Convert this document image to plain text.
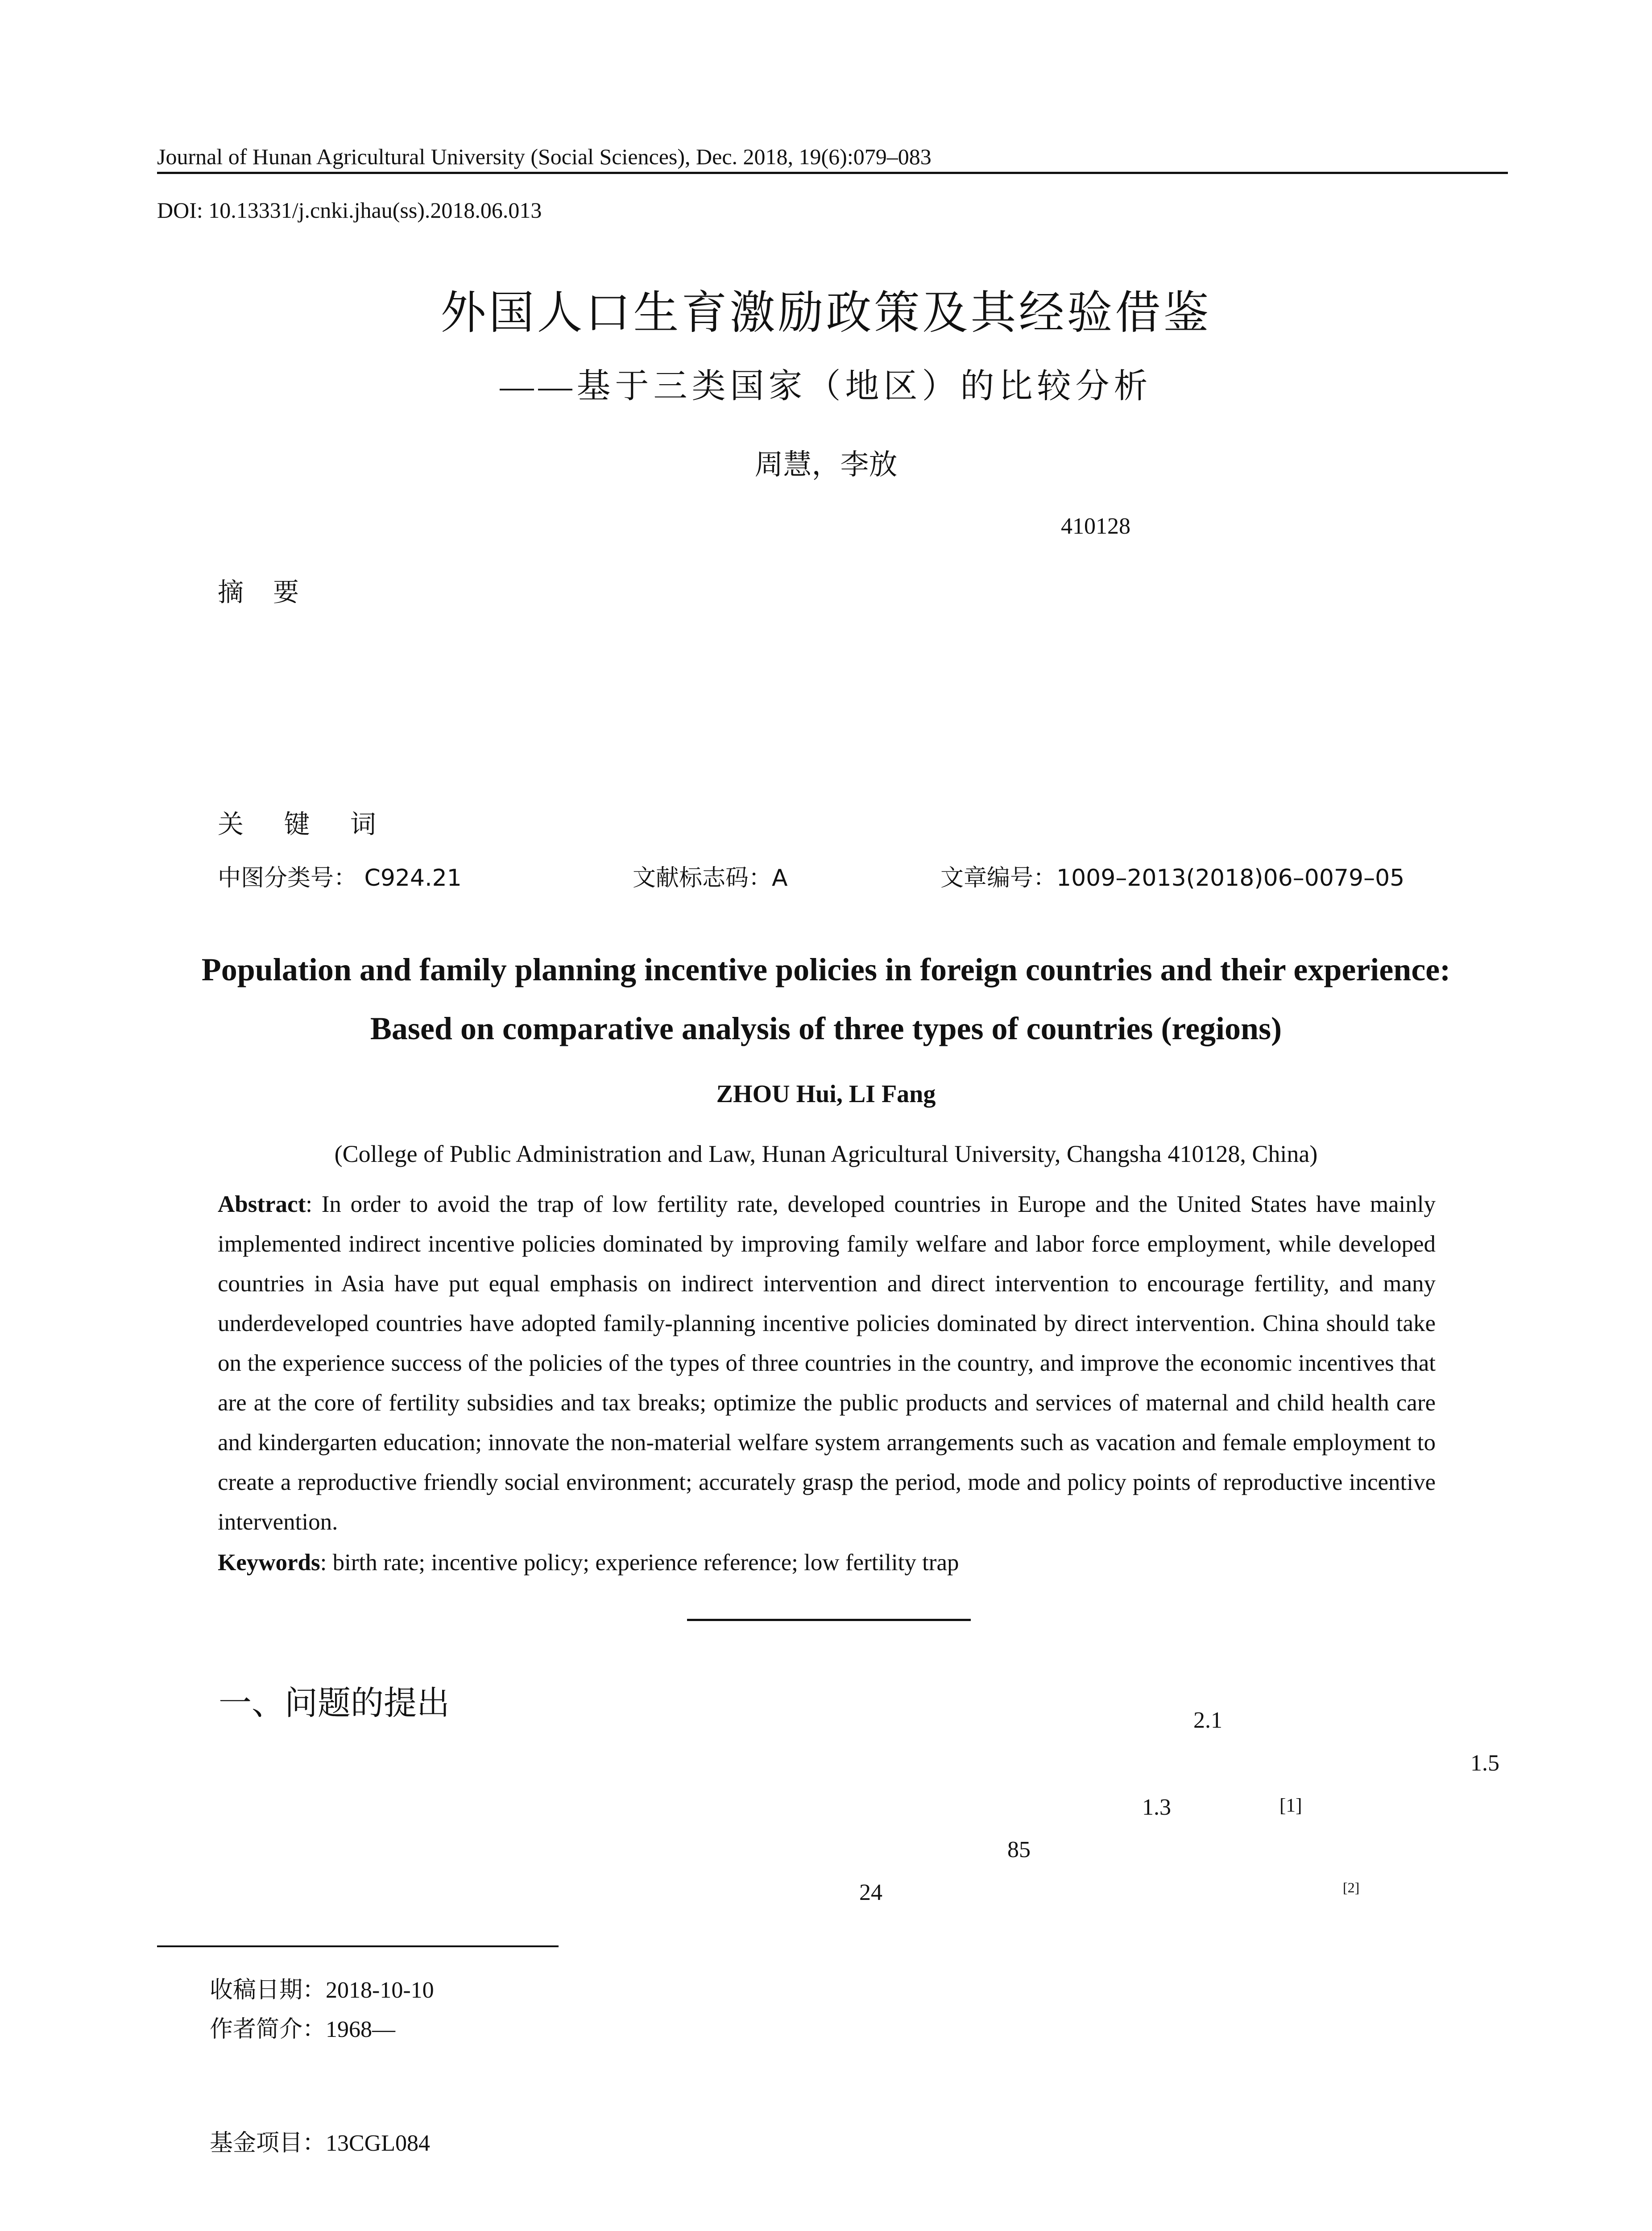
Journal of Hunan Agricultural University (Social Sciences), Dec. 2018, 19(6):079–083
DOI: 10.13331/j.cnki.jhau(ss).2018.06.013
外国人口生育激励政策及其经验借鉴
——基于三类国家（地区）的比较分析
周慧，李放
410128
摘　要
关 键 词
中图分类号： C924.21	文献标志码：A	文章编号：1009–2013(2018)06–0079–05
Population and family planning incentive policies in foreign countries and their experience:
Based on comparative analysis of three types of countries (regions)
ZHOU Hui, LI Fang
(College of Public Administration and Law, Hunan Agricultural University, Changsha 410128, China)
Abstract: In order to avoid the trap of low fertility rate, developed countries in Europe and the United States have mainly implemented indirect incentive policies dominated by improving family welfare and labor force employment, while developed countries in Asia have put equal emphasis on indirect intervention and direct intervention to encourage fertility, and many underdeveloped countries have adopted family-planning incentive policies dominated by direct intervention. China should take on the experience success of the policies of the types of three countries in the country, and improve the economic incentives that are at the core of fertility subsidies and tax breaks; optimize the public products and services of maternal and child health care and kindergarten education; innovate the non-material welfare system arrangements such as vacation and female employment to create a reproductive friendly social environment; accurately grasp the period, mode and policy points of reproductive incentive intervention.
Keywords: birth rate; incentive policy; experience reference; low fertility trap
一、问题的提出	2.1
1.5
1.3	[1]
85
24	[2]
收稿日期：2018-10-10
作者简介：1968—
基金项目：13CGL084
